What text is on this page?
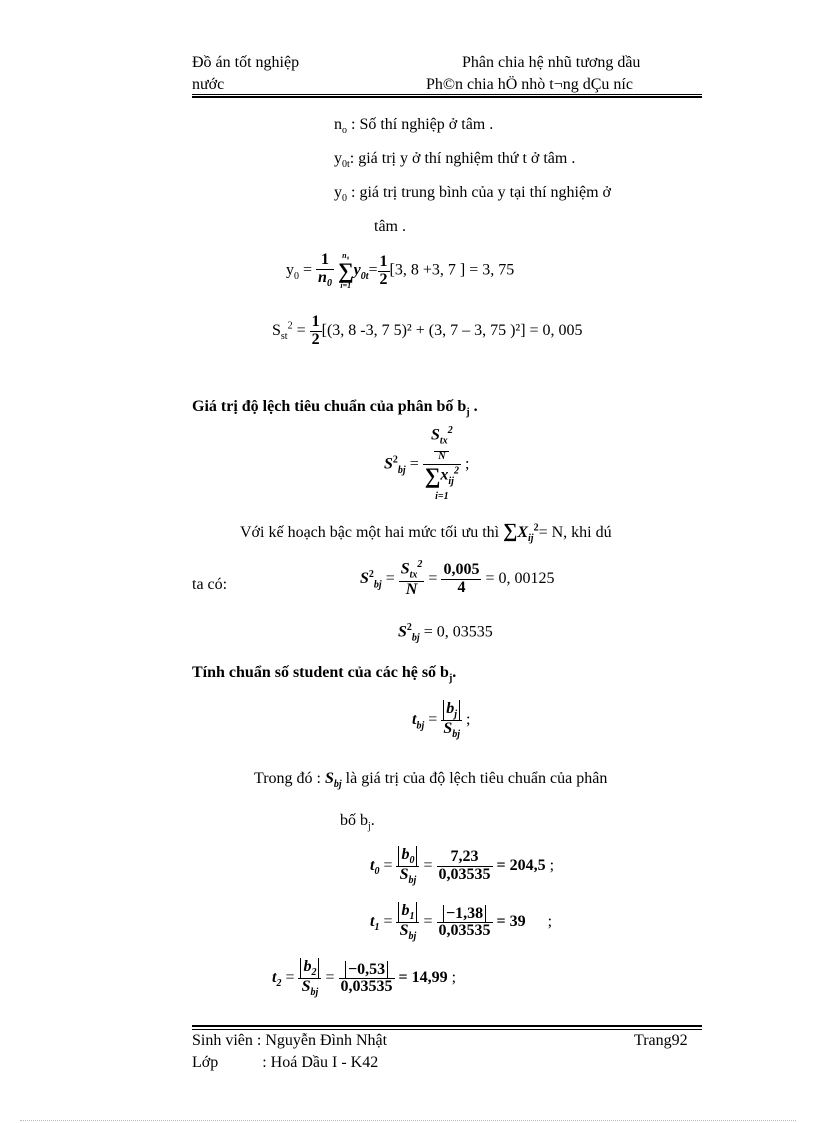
Đồ án tốt nghiệp	Phân chia hệ nhũ tương dầu
nước	Ph©n chia hÖ nhò t¬ng dÇu níc
$n_o$ : Số thí nghiệp ở tâm .
$y_{0t}$: giá trị y ở thí nghiệm thứ t ở tâm .
$y_0$ : giá trị trung bình của y tại thí nghiệm ở
tâm .
$y_0 = \frac{1}{n_0}$
	n₀
∑
i=1
$y_{0t}= \frac{1}{2} [3$, 8 +3, 7 ] = 3, 75
$S_{st}^2 = \frac{1}{2} [(3$, 8 -3, 7 5)² + (3, 7 – 3, 75 )²] = 0, 005
Giá trị độ lệch tiêu chuẩn của phân bố $b_j$ .
$S^2_{bj}$ =
$S_{tx}^2$
N
$\sum x_{ij}^2$
i=1
;
Với kế hoạch bậc một hai mức tối ưu thì $\sum X_{ij}^2= N$, khi dú
ta có:	$S^2_{bj} = \frac{S_{tx}^2}{N} = \frac{0,005}{4} = 0$, 00125
$S^2_{bj} = 0$, 03535
Tính chuẩn số student của các hệ số $b_j$.
$t_{bj} = \frac{b_j}{S_{bj}}$ ;
Trong đó : $S_{bj}$ là giá trị của độ lệch tiêu chuẩn của phân
bố $b_j$.
$t_0 = \frac{b_0}{S_{bj}} = \frac{7,23}{0,03535} = 204,5$ ;
$t_1 = \frac{b_1}{S_{bj}} = \frac{-1,38}{0,03535} = 39$ ;
$t_2 = \frac{b_2}{S_{bj}} = \frac{-0,53}{0,03535} = 14,99$ ;
Sinh viên : Nguyễn Đình Nhật	Trang92
Lớp	: Hoá Dầu I - K42
